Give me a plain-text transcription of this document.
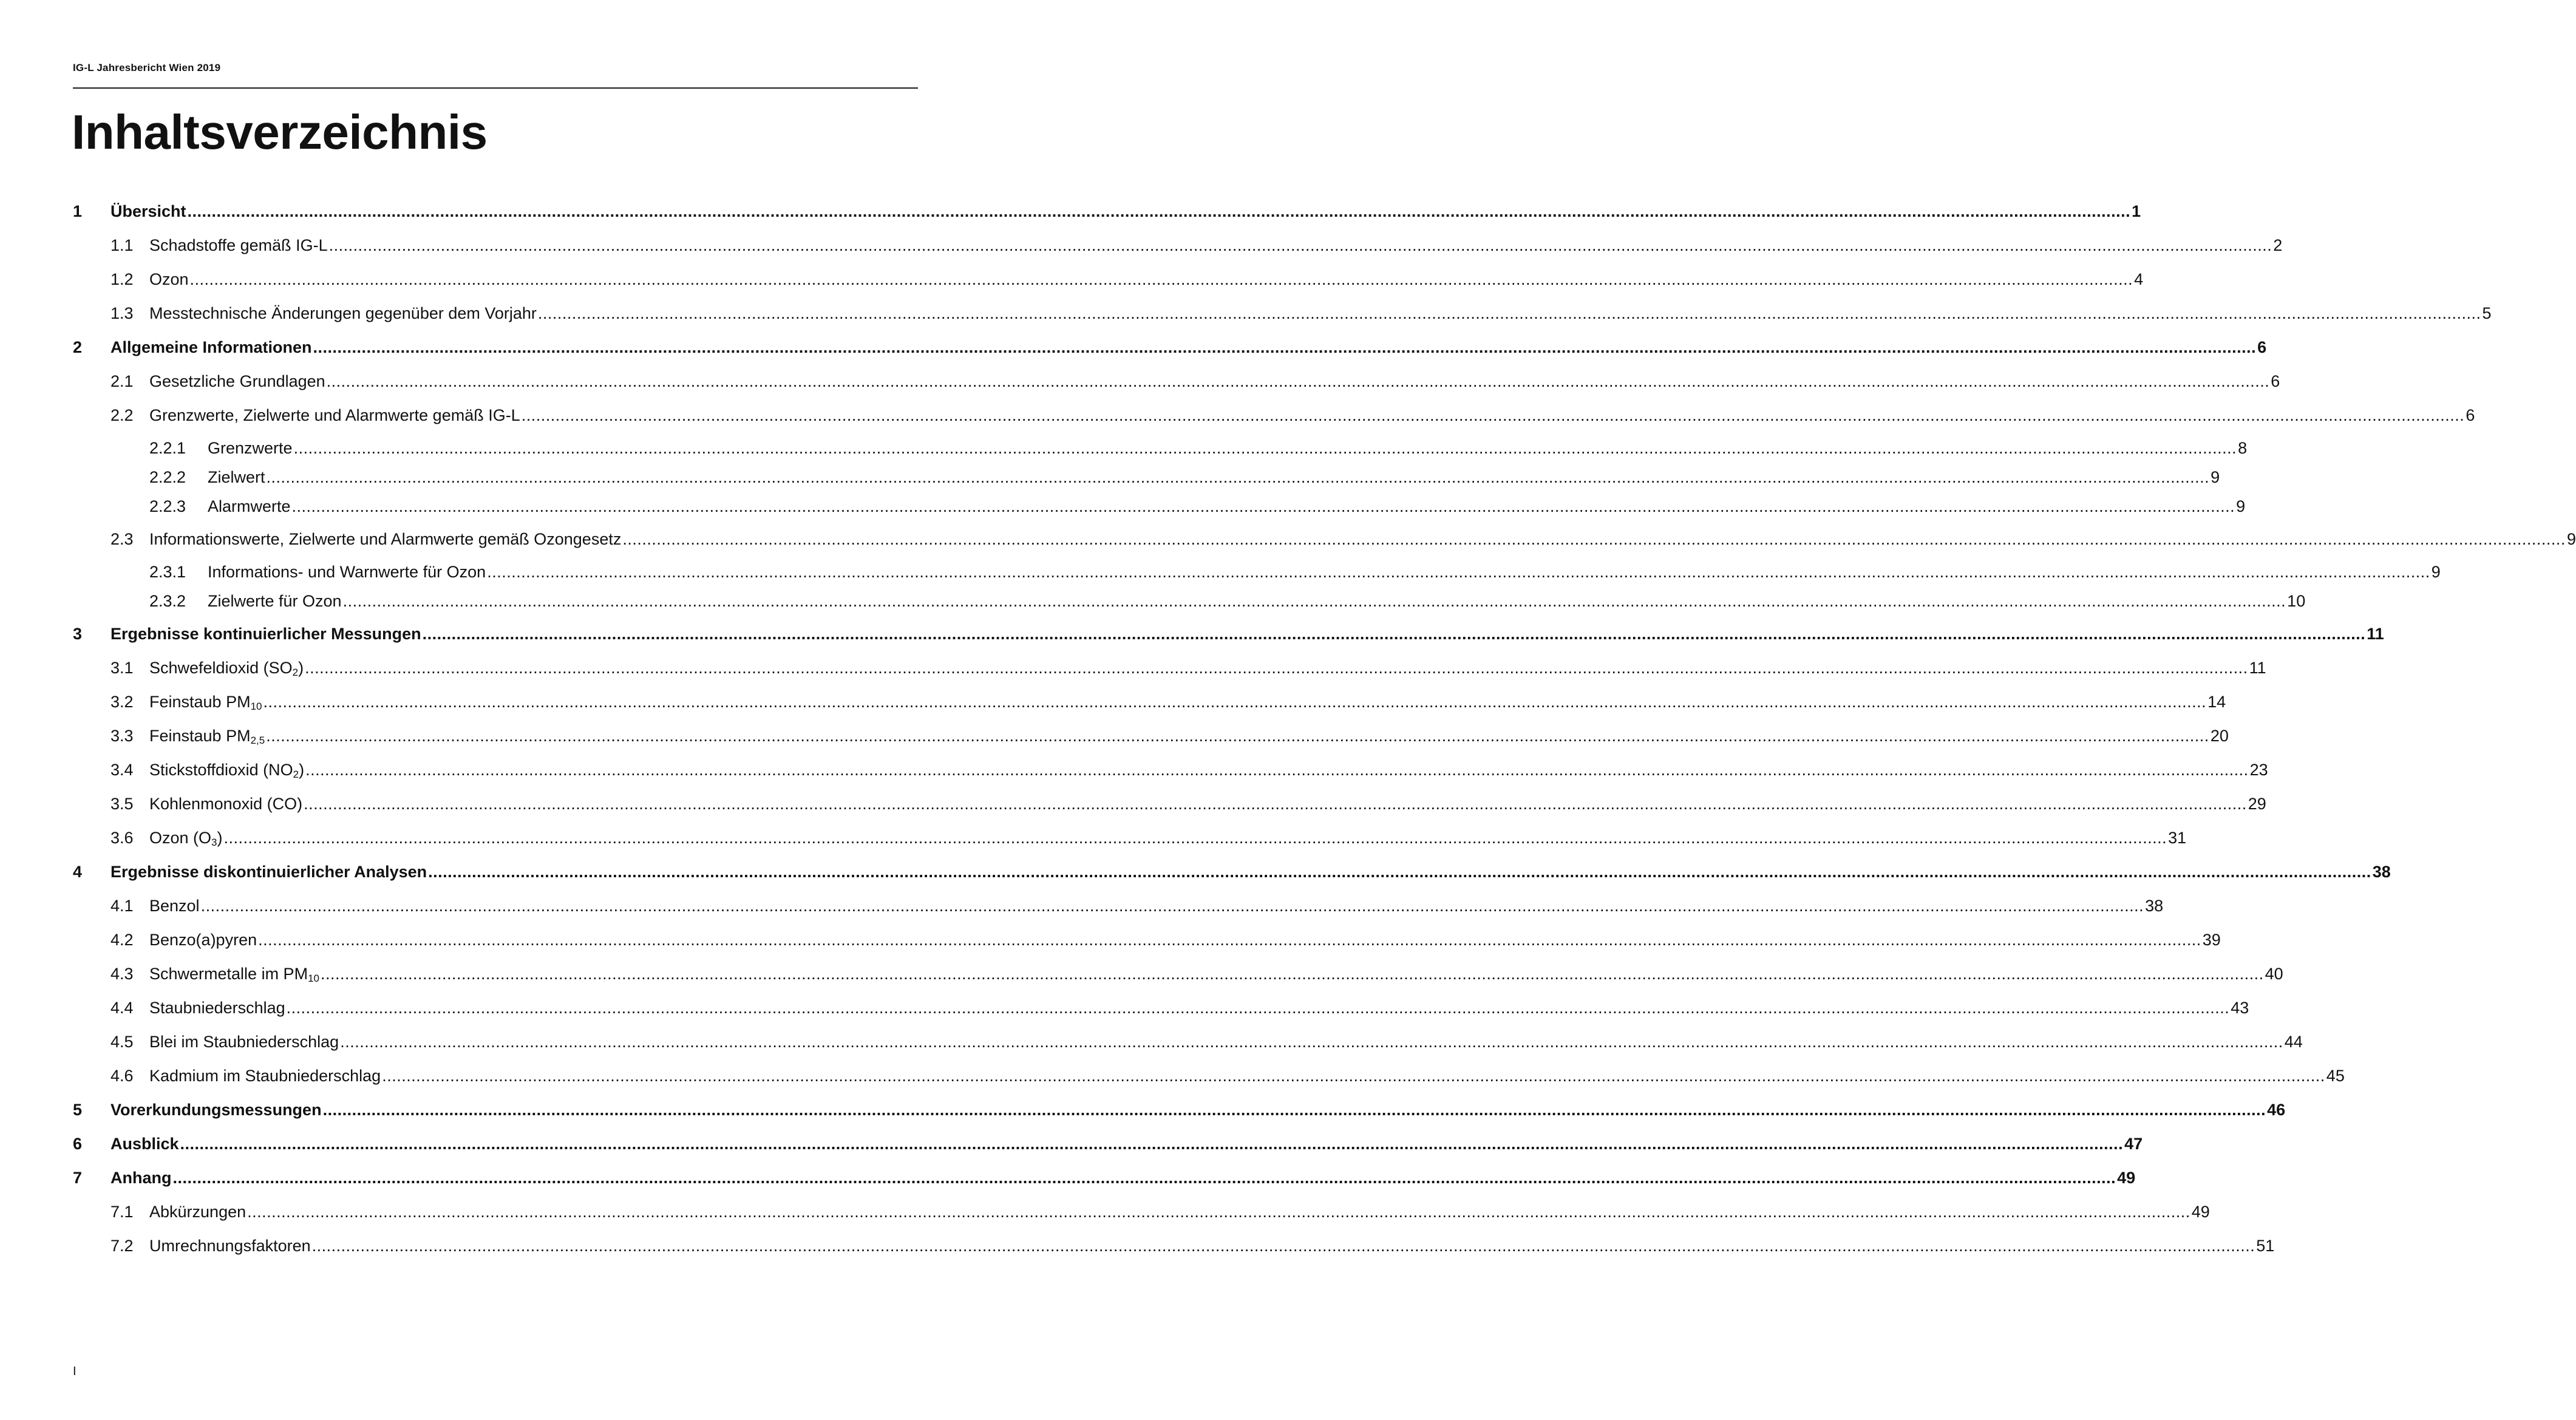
IG-L Jahresbericht Wien 2019
Inhaltsverzeichnis
1 Übersicht ................................................................................................................................................................................................................................................................................................................................................................................................................ 1
1.1 Schadstoffe gemäß IG-L ................................................................................................................................................................................................................................................................................................................................................................................................................ 2
1.2 Ozon ................................................................................................................................................................................................................................................................................................................................................................................................................ 4
1.3 Messtechnische Änderungen gegenüber dem Vorjahr ................................................................................................................................................................................................................................................................................................................................................................................................................ 5
2 Allgemeine Informationen ................................................................................................................................................................................................................................................................................................................................................................................................................ 6
2.1 Gesetzliche Grundlagen ................................................................................................................................................................................................................................................................................................................................................................................................................ 6
2.2 Grenzwerte, Zielwerte und Alarmwerte gemäß IG-L ................................................................................................................................................................................................................................................................................................................................................................................................................ 6
2.2.1 Grenzwerte ................................................................................................................................................................................................................................................................................................................................................................................................................ 8
2.2.2 Zielwert ................................................................................................................................................................................................................................................................................................................................................................................................................ 9
2.2.3 Alarmwerte ................................................................................................................................................................................................................................................................................................................................................................................................................ 9
2.3 Informationswerte, Zielwerte und Alarmwerte gemäß Ozongesetz ................................................................................................................................................................................................................................................................................................................................................................................................................ 9
2.3.1 Informations- und Warnwerte für Ozon ................................................................................................................................................................................................................................................................................................................................................................................................................ 9
2.3.2 Zielwerte für Ozon ................................................................................................................................................................................................................................................................................................................................................................................................................ 10
3 Ergebnisse kontinuierlicher Messungen ................................................................................................................................................................................................................................................................................................................................................................................................................ 11
3.1 Schwefeldioxid $(SO_2)$ ................................................................................................................................................................................................................................................................................................................................................................................................................ 11
3.2 Feinstaub $PM_{10}$ ................................................................................................................................................................................................................................................................................................................................................................................................................ 14
3.3 Feinstaub $PM_{2,5}$ ................................................................................................................................................................................................................................................................................................................................................................................................................ 20
3.4 Stickstoffdioxid $(NO_2)$ ................................................................................................................................................................................................................................................................................................................................................................................................................ 23
3.5 Kohlenmonoxid (CO) ................................................................................................................................................................................................................................................................................................................................................................................................................ 29
3.6 Ozon $(O_3)$ ................................................................................................................................................................................................................................................................................................................................................................................................................ 31
4 Ergebnisse diskontinuierlicher Analysen ................................................................................................................................................................................................................................................................................................................................................................................................................ 38
4.1 Benzol ................................................................................................................................................................................................................................................................................................................................................................................................................ 38
4.2 Benzo(a)pyren ................................................................................................................................................................................................................................................................................................................................................................................................................ 39
4.3 Schwermetalle im $PM_{10}$ ................................................................................................................................................................................................................................................................................................................................................................................................................ 40
4.4 Staubniederschlag ................................................................................................................................................................................................................................................................................................................................................................................................................ 43
4.5 Blei im Staubniederschlag ................................................................................................................................................................................................................................................................................................................................................................................................................ 44
4.6 Kadmium im Staubniederschlag ................................................................................................................................................................................................................................................................................................................................................................................................................ 45
5 Vorerkundungsmessungen ................................................................................................................................................................................................................................................................................................................................................................................................................ 46
6 Ausblick ................................................................................................................................................................................................................................................................................................................................................................................................................ 47
7 Anhang ................................................................................................................................................................................................................................................................................................................................................................................................................ 49
7.1 Abkürzungen ................................................................................................................................................................................................................................................................................................................................................................................................................ 49
7.2 Umrechnungsfaktoren ................................................................................................................................................................................................................................................................................................................................................................................................................ 51
I
